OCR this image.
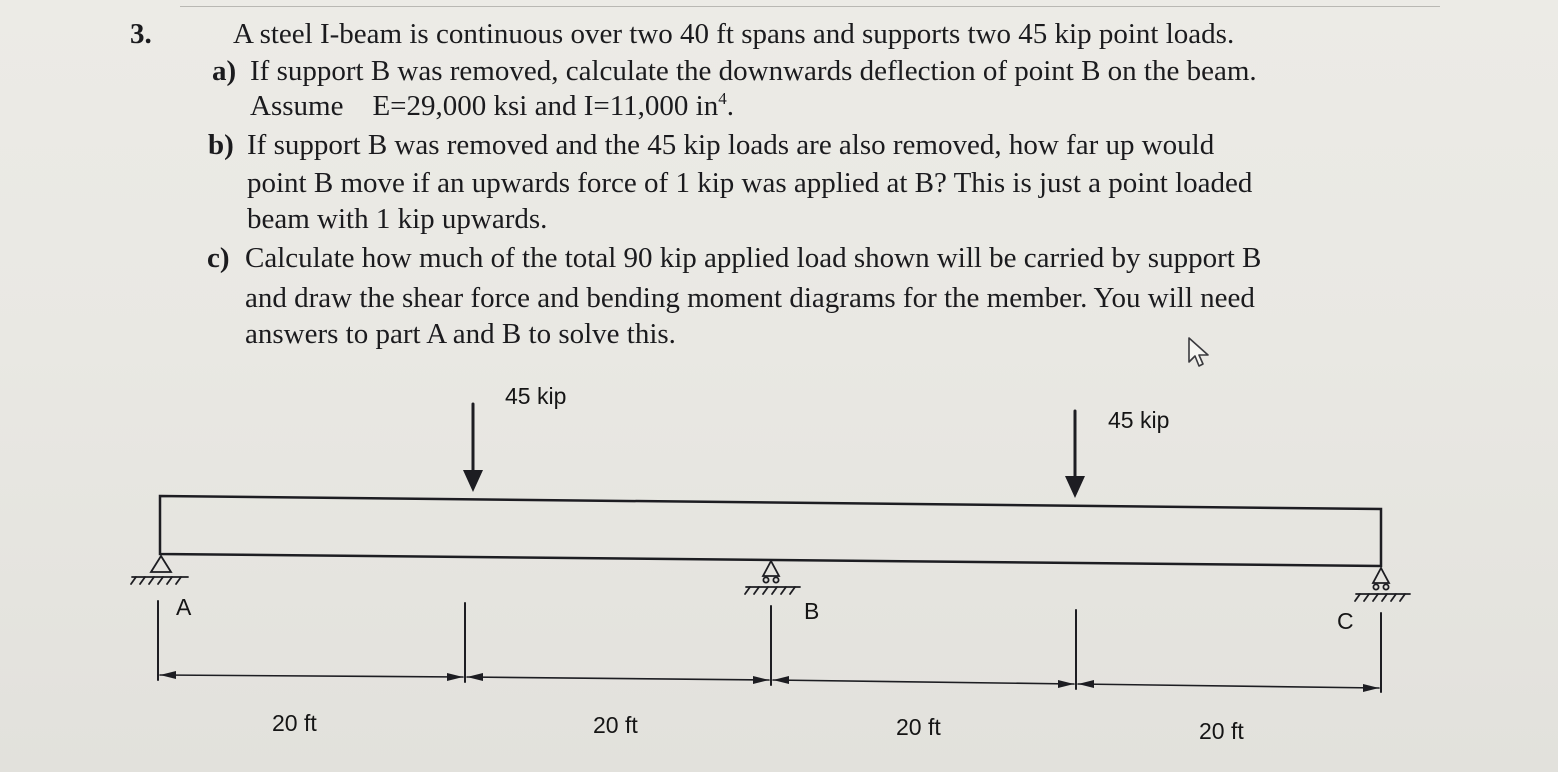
3.	A steel I-beam is continuous over two 40 ft spans and supports two 45 kip point loads.
a) If support B was removed, calculate the downwards deflection of point B on the beam.
Assume    E=29,000 ksi and I=11,000 $in^4$.
b) If support B was removed and the 45 kip loads are also removed, how far up would
point B move if an upwards force of 1 kip was applied at B? This is just a point loaded
beam with 1 kip upwards.
c) Calculate how much of the total 90 kip applied load shown will be carried by support B
and draw the shear force and bending moment diagrams for the member. You will need
answers to part A and B to solve this.
45 kip
45 kip
A	B	C
20 ft	20 ft	20 ft	20 ft
